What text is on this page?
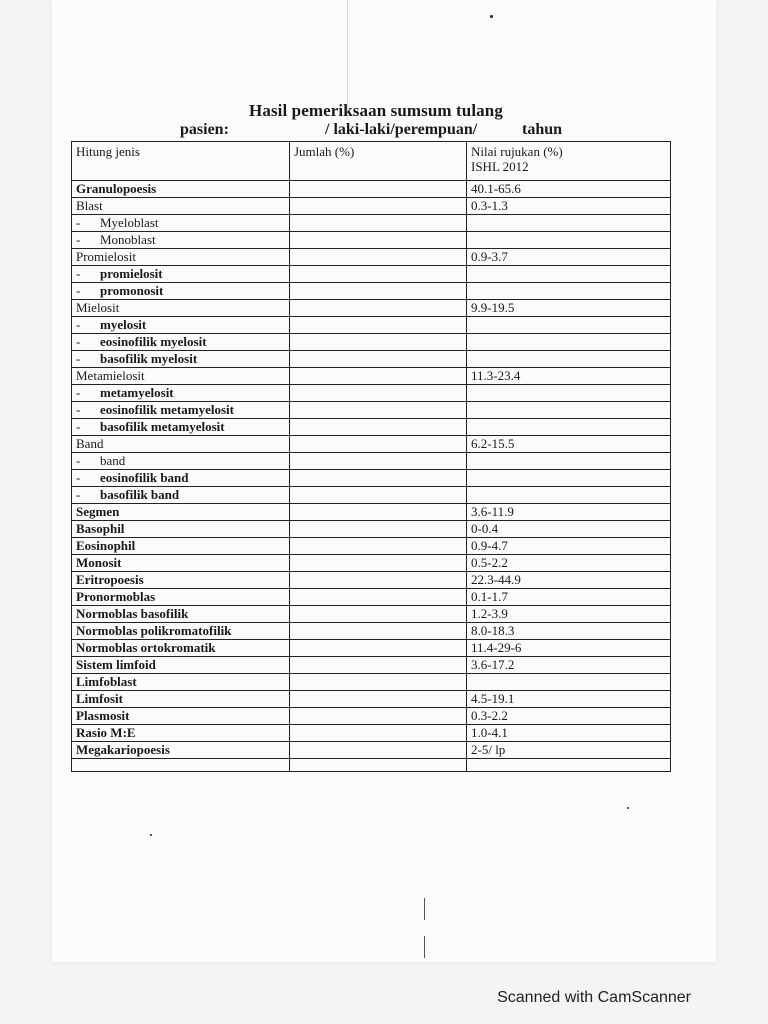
Hasil pemeriksaan sumsum tulang
pasien:	/ laki-laki/perempuan/	tahun
Hitung jenis	Jumlah (%)	Nilai rujukan (%)
ISHL 2012

Granulopoesis		40.1-65.6
Blast		0.3-1.3
- Myeloblast		
- Monoblast		
Promielosit		0.9-3.7
- promielosit		
- promonosit		
Mielosit		9.9-19.5
- myelosit		
- eosinofilik myelosit		
- basofilik myelosit		
Metamielosit		11.3-23.4
- metamyelosit		
- eosinofilik metamyelosit		
- basofilik metamyelosit		
Band		6.2-15.5
- band		
- eosinofilik band		
- basofilik band		
Segmen		3.6-11.9
Basophil		0-0.4
Eosinophil		0.9-4.7
Monosit		0.5-2.2
Eritropoesis		22.3-44.9
Pronormoblas		0.1-1.7
Normoblas basofilik		1.2-3.9
Normoblas polikromatofilik		8.0-18.3
Normoblas ortokromatik		11.4-29-6
Sistem limfoid		3.6-17.2
Limfoblast		
Limfosit		4.5-19.1
Plasmosit		0.3-2.2
Rasio M:E		1.0-4.1
Megakariopoesis		2-5/ lp

Scanned with CamScanner
